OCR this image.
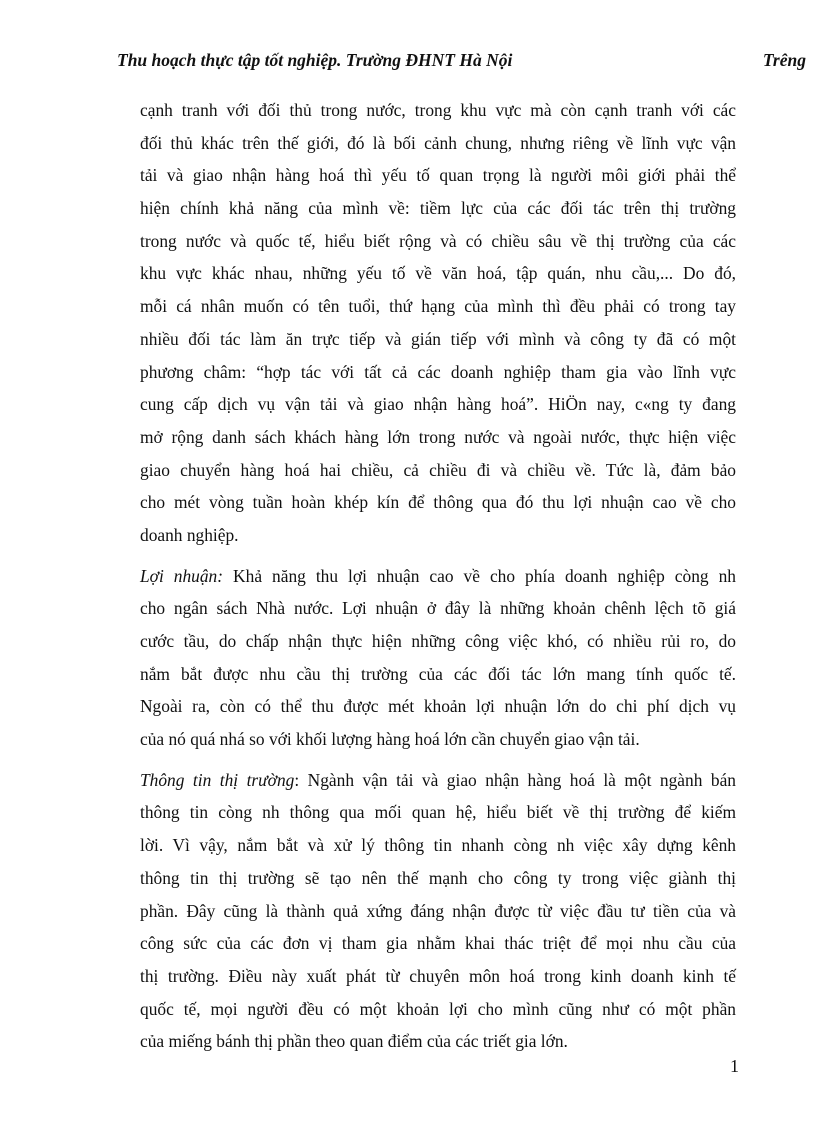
Thu hoạch thực tập tốt nghiệp. Trường ĐHNT Hà Nội	Trêng

cạnh tranh với đối thủ trong nước, trong khu vực mà còn cạnh tranh với các
đối thủ khác trên thế giới, đó là bối cảnh chung, nhưng riêng về lĩnh vực vận
tải và giao nhận hàng hoá thì yếu tố quan trọng là người môi giới phải thể
hiện chính khả năng của mình về: tiềm lực của các đối tác trên thị trường
trong nước và quốc tế, hiểu biết rộng và có chiều sâu về thị trường của các
khu vực khác nhau, những yếu tố về văn hoá, tập quán, nhu cầu,... Do đó,
mỗi cá nhân muốn có tên tuổi, thứ hạng của mình thì đều phải có trong tay
nhiều đối tác làm ăn trực tiếp và gián tiếp với mình và công ty đã có một
phương châm: “hợp tác với tất cả các doanh nghiệp tham gia vào lĩnh vực
cung cấp dịch vụ vận tải và giao nhận hàng hoá”. HiÖn nay, c«ng ty đang
mở rộng danh sách khách hàng lớn trong nước và ngoài nước, thực hiện việc
giao chuyển hàng hoá hai chiều, cả chiều đi và chiều về. Tức là, đảm bảo
cho mét vòng tuần hoàn khép kín để thông qua đó thu lợi nhuận cao về cho
doanh nghiệp.

Lợi nhuận: Khả năng thu lợi nhuận cao về cho phía doanh nghiệp còng nh
cho ngân sách Nhà nước. Lợi nhuận ở đây là những khoản chênh lệch tõ giá
cước tầu, do chấp nhận thực hiện những công việc khó, có nhiều rủi ro, do
nắm bắt được nhu cầu thị trường của các đối tác lớn mang tính quốc tế.
Ngoài ra, còn có thể thu được mét khoản lợi nhuận lớn do chi phí dịch vụ
của nó quá nhá so với khối lượng hàng hoá lớn cần chuyển giao vận tải.

Thông tin thị trường: Ngành vận tải và giao nhận hàng hoá là một ngành bán
thông tin còng nh thông qua mối quan hệ, hiểu biết về thị trường để kiếm
lời. Vì vậy, nắm bắt và xử lý thông tin nhanh còng nh việc xây dựng kênh
thông tin thị trường sẽ tạo nên thế mạnh cho công ty trong việc giành thị
phần. Đây cũng là thành quả xứng đáng nhận được từ việc đầu tư tiền của và
công sức của các đơn vị tham gia nhằm khai thác triệt để mọi nhu cầu của
thị trường. Điều này xuất phát từ chuyên môn hoá trong kinh doanh kinh tế
quốc tế, mọi người đều có một khoản lợi cho mình cũng như có một phần
của miếng bánh thị phần theo quan điểm của các triết gia lớn.

1
